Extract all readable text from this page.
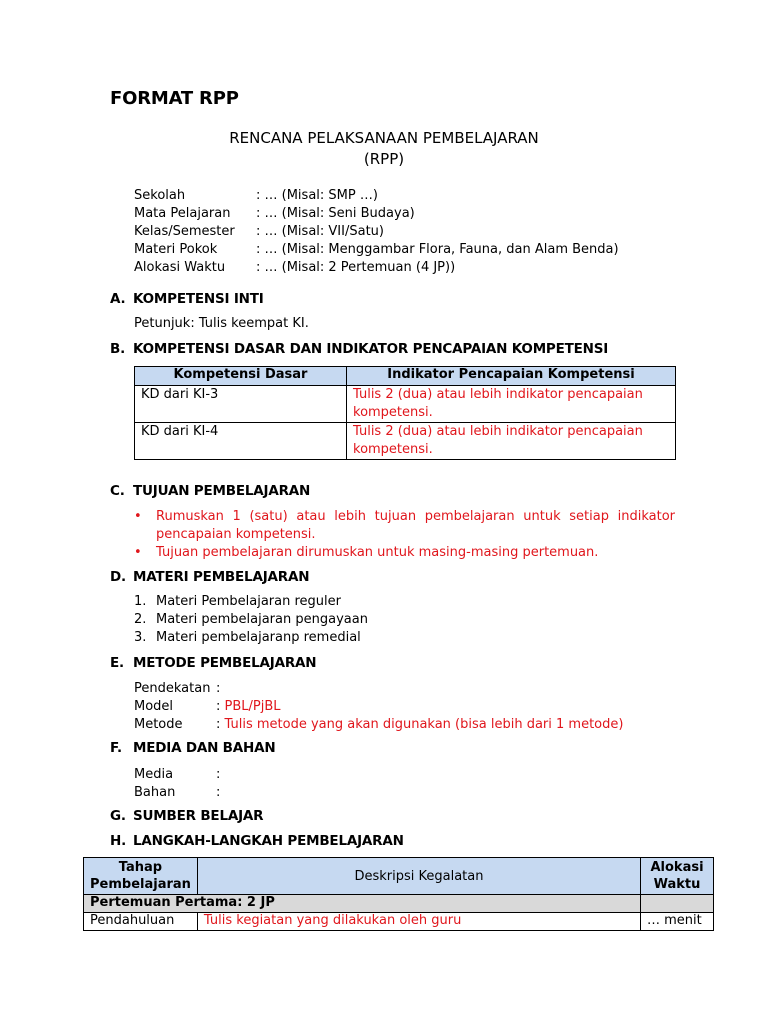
FORMAT RPP
RENCANA PELAKSANAAN PEMBELAJARAN
(RPP)
Sekolah	: … (Misal: SMP …)
Mata Pelajaran : … (Misal: Seni Budaya)
Kelas/Semester : … (Misal: VII/Satu)
Materi Pokok	: … (Misal: Menggambar Flora, Fauna, dan Alam Benda)
Alokasi Waktu : … (Misal: 2 Pertemuan (4 JP))
A. KOMPETENSI INTI
Petunjuk: Tulis keempat KI.
B. KOMPETENSI DASAR DAN INDIKATOR PENCAPAIAN KOMPETENSI
Kompetensi Dasar	Indikator Pencapaian Kompetensi
KD dari KI-3	Tulis 2 (dua) atau lebih indikator pencapaian
kompetensi.
KD dari KI-4	Tulis 2 (dua) atau lebih indikator pencapaian
kompetensi.
C. TUJUAN PEMBELAJARAN
• Rumuskan 1 (satu) atau lebih tujuan pembelajaran untuk setiap indikator pencapaian kompetensi.
• Tujuan pembelajaran dirumuskan untuk masing-masing pertemuan.
D. MATERI PEMBELAJARAN
1. Materi Pembelajaran reguler
2. Materi pembelajaran pengayaan
3. Materi pembelajaranp remedial
E. METODE PEMBELAJARAN
Pendekatan :
Model	: PBL/PjBL
Metode	: Tulis metode yang akan digunakan (bisa lebih dari 1 metode)
F. MEDIA DAN BAHAN
Media	:
Bahan	:
G. SUMBER BELAJAR
H. LANGKAH-LANGKAH PEMBELAJARAN
Tahap
Pembelajaran	Deskripsi Kegalatan	Alokasi
Waktu
Pertemuan Pertama: 2 JP		
Pendahuluan	Tulis kegiatan yang dilakukan oleh guru	… menit
